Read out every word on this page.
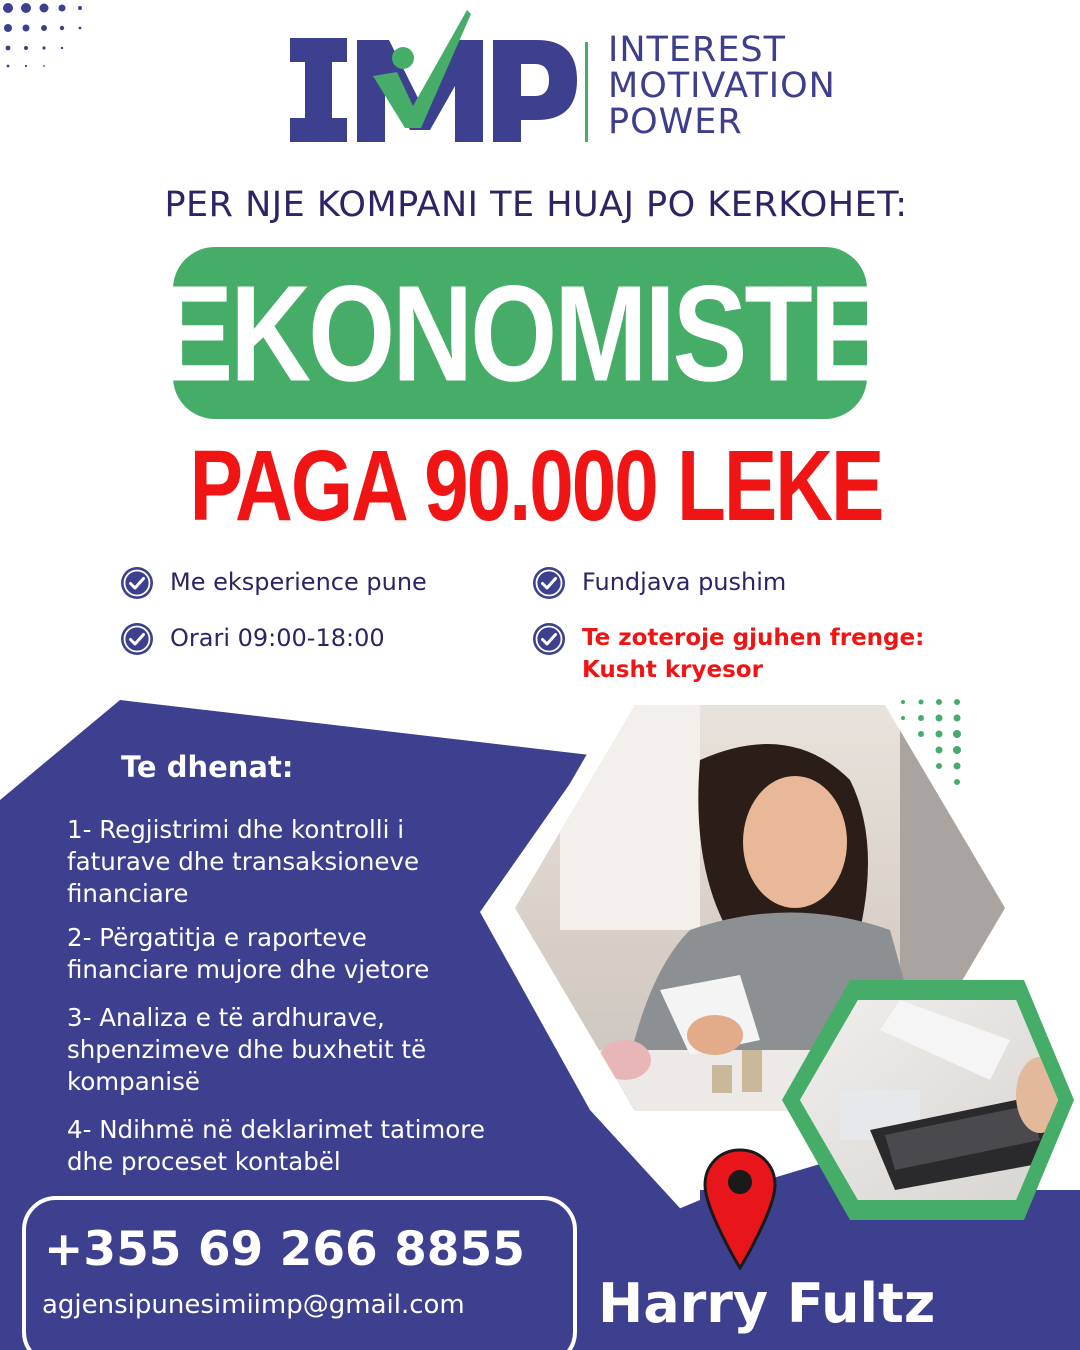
INTEREST
MOTIVATION
POWER
PER NJE KOMPANI TE HUAJ PO KERKOHET:
EKONOMISTE
PAGA 90.000 LEKE
Me eksperience pune	Fundjava pushim
Orari 09:00-18:00	Te zoteroje gjuhen frenge:
Kusht kryesor
Te dhenat:
1- Regjistrimi dhe kontrolli i
faturave dhe transaksioneve
financiare
2- Përgatitja e raporteve
financiare mujore dhe vjetore
3- Analiza e të ardhurave,
shpenzimeve dhe buxhetit të
kompanisë
4- Ndihmë në deklarimet tatimore
dhe proceset kontabël
+355 69 266 8855
agjensipunesimiimp@gmail.com Harry Fultz
